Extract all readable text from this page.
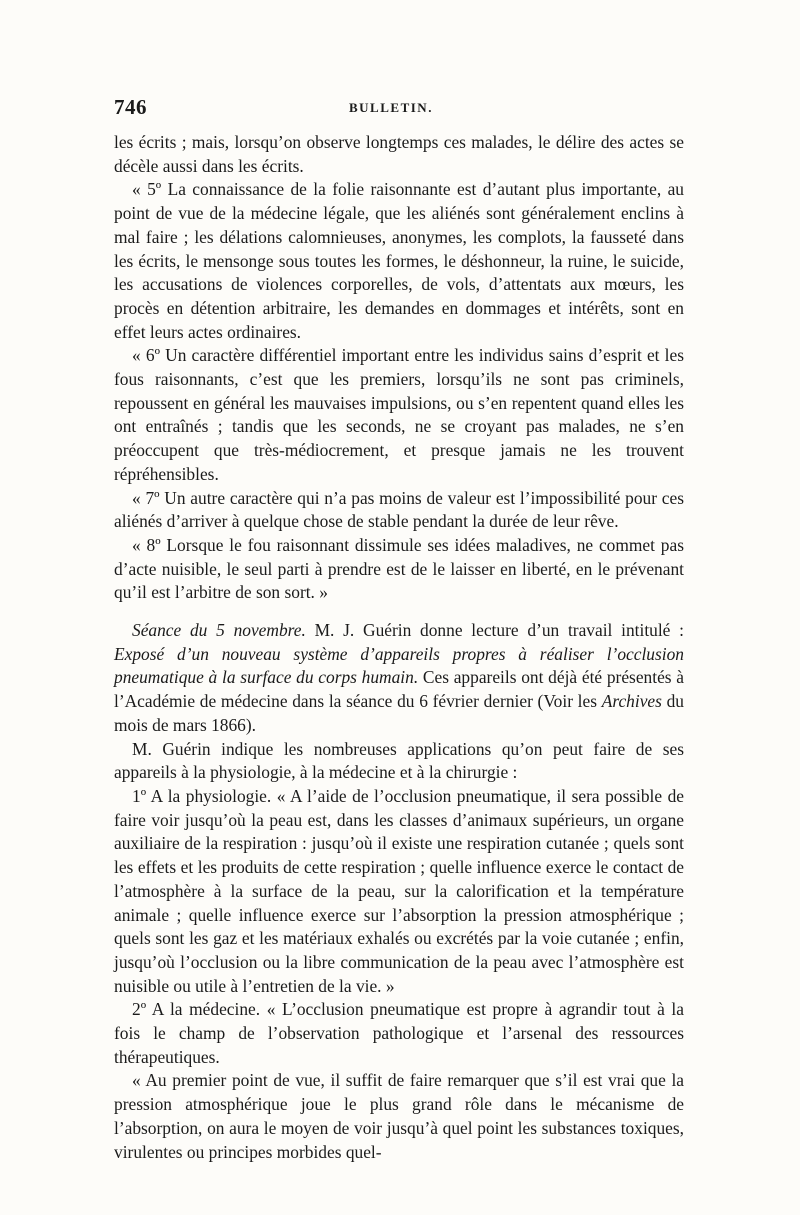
746	BULLETIN.

les écrits ; mais, lorsqu’on observe longtemps ces malades, le délire des actes se décèle aussi dans les écrits.

« 5º La connaissance de la folie raisonnante est d’autant plus importante, au point de vue de la médecine légale, que les aliénés sont généralement enclins à mal faire ; les délations calomnieuses, anonymes, les complots, la fausseté dans les écrits, le mensonge sous toutes les formes, le déshonneur, la ruine, le suicide, les accusations de violences corporelles, de vols, d’attentats aux mœurs, les procès en détention arbitraire, les demandes en dommages et intérêts, sont en effet leurs actes ordinaires.

« 6º Un caractère différentiel important entre les individus sains d’esprit et les fous raisonnants, c’est que les premiers, lorsqu’ils ne sont pas criminels, repoussent en général les mauvaises impulsions, ou s’en repentent quand elles les ont entraînés ; tandis que les seconds, ne se croyant pas malades, ne s’en préoccupent que très-médiocrement, et presque jamais ne les trouvent répréhensibles.

« 7º Un autre caractère qui n’a pas moins de valeur est l’impossibilité pour ces aliénés d’arriver à quelque chose de stable pendant la durée de leur rêve.

« 8º Lorsque le fou raisonnant dissimule ses idées maladives, ne commet pas d’acte nuisible, le seul parti à prendre est de le laisser en liberté, en le prévenant qu’il est l’arbitre de son sort. »

Séance du 5 novembre. M. J. Guérin donne lecture d’un travail intitulé : Exposé d’un nouveau système d’appareils propres à réaliser l’occlusion pneumatique à la surface du corps humain. Ces appareils ont déjà été présentés à l’Académie de médecine dans la séance du 6 février dernier (Voir les Archives du mois de mars 1866).

M. Guérin indique les nombreuses applications qu’on peut faire de ses appareils à la physiologie, à la médecine et à la chirurgie :

1º A la physiologie. « A l’aide de l’occlusion pneumatique, il sera possible de faire voir jusqu’où la peau est, dans les classes d’animaux supérieurs, un organe auxiliaire de la respiration : jusqu’où il existe une respiration cutanée ; quels sont les effets et les produits de cette respiration ; quelle influence exerce le contact de l’atmosphère à la surface de la peau, sur la calorification et la température animale ; quelle influence exerce sur l’absorption la pression atmosphérique ; quels sont les gaz et les matériaux exhalés ou excrétés par la voie cutanée ; enfin, jusqu’où l’occlusion ou la libre communication de la peau avec l’atmosphère est nuisible ou utile à l’entretien de la vie. »

2º A la médecine. « L’occlusion pneumatique est propre à agrandir tout à la fois le champ de l’observation pathologique et l’arsenal des ressources thérapeutiques.

« Au premier point de vue, il suffit de faire remarquer que s’il est vrai que la pression atmosphérique joue le plus grand rôle dans le mécanisme de l’absorption, on aura le moyen de voir jusqu’à quel point les substances toxiques, virulentes ou principes morbides quel-
